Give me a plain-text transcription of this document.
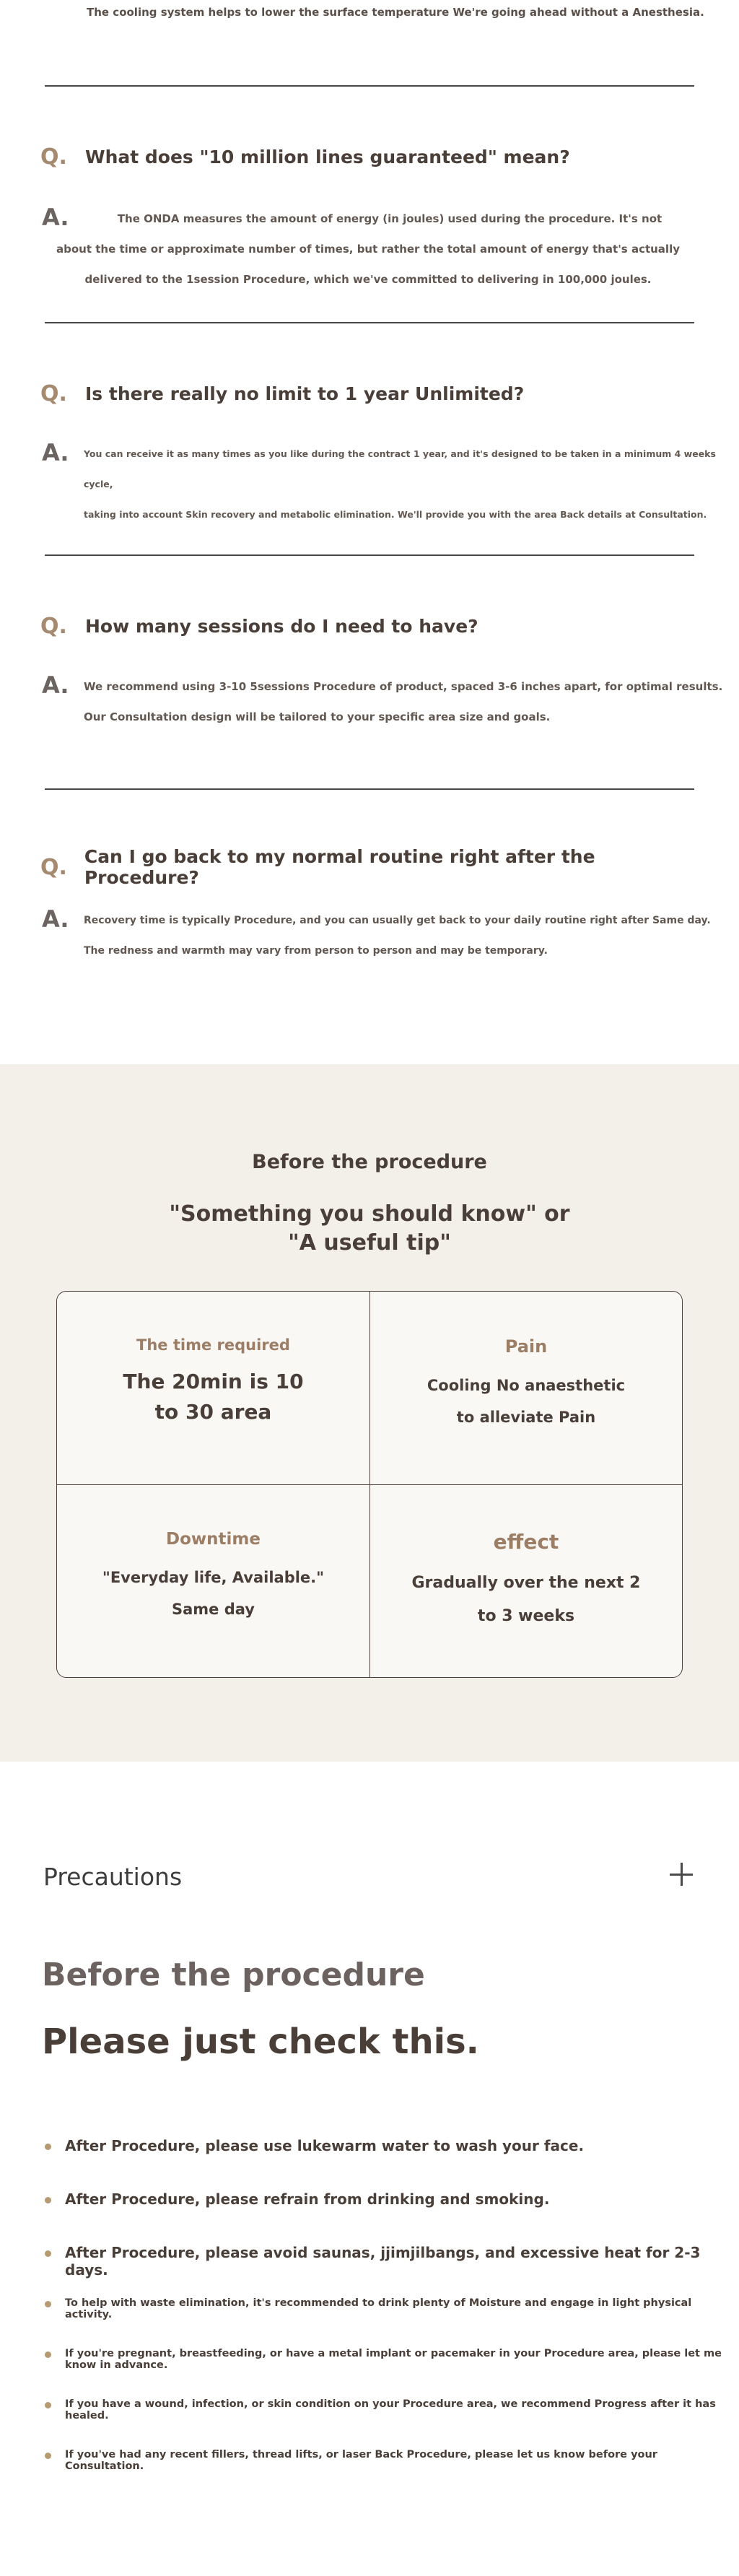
The cooling system helps to lower the surface temperature We're going ahead without a Anesthesia.
Q.	What does "10 million lines guaranteed" mean?
A.	The ONDA measures the amount of energy (in joules) used during the procedure. It's not
about the time or approximate number of times, but rather the total amount of energy that's actually
delivered to the 1session Procedure, which we've committed to delivering in 100,000 joules.
Q.	Is there really no limit to 1 year Unlimited?
A. You can receive it as many times as you like during the contract 1 year, and it's designed to be taken in a minimum 4 weeks cycle,
taking into account Skin recovery and metabolic elimination. We'll provide you with the area Back details at Consultation.
Q.	How many sessions do I need to have?
A. We recommend using 3-10 5sessions Procedure of product, spaced 3-6 inches apart, for optimal results.
Our Consultation design will be tailored to your specific area size and goals.
Q. Can I go back to my normal routine right after the Procedure?
A. Recovery time is typically Procedure, and you can usually get back to your daily routine right after Same day.
The redness and warmth may vary from person to person and may be temporary.
Before the procedure
"Something you should know" or
"A useful tip"
The time required
The 20min is 10
to 30 area
Pain
Cooling No anaesthetic
to alleviate Pain
Downtime
"Everyday life, Available."
Same day
effect
Gradually over the next 2
to 3 weeks
Precautions
Before the procedure
Please just check this.
After Procedure, please use lukewarm water to wash your face.
After Procedure, please refrain from drinking and smoking.
After Procedure, please avoid saunas, jjimjilbangs, and excessive heat for 2-3 days.
To help with waste elimination, it's recommended to drink plenty of Moisture and engage in light physical activity.
If you're pregnant, breastfeeding, or have a metal implant or pacemaker in your Procedure area, please let me know in advance.
If you have a wound, infection, or skin condition on your Procedure area, we recommend Progress after it has healed.
If you've had any recent fillers, thread lifts, or laser Back Procedure, please let us know before your Consultation.
